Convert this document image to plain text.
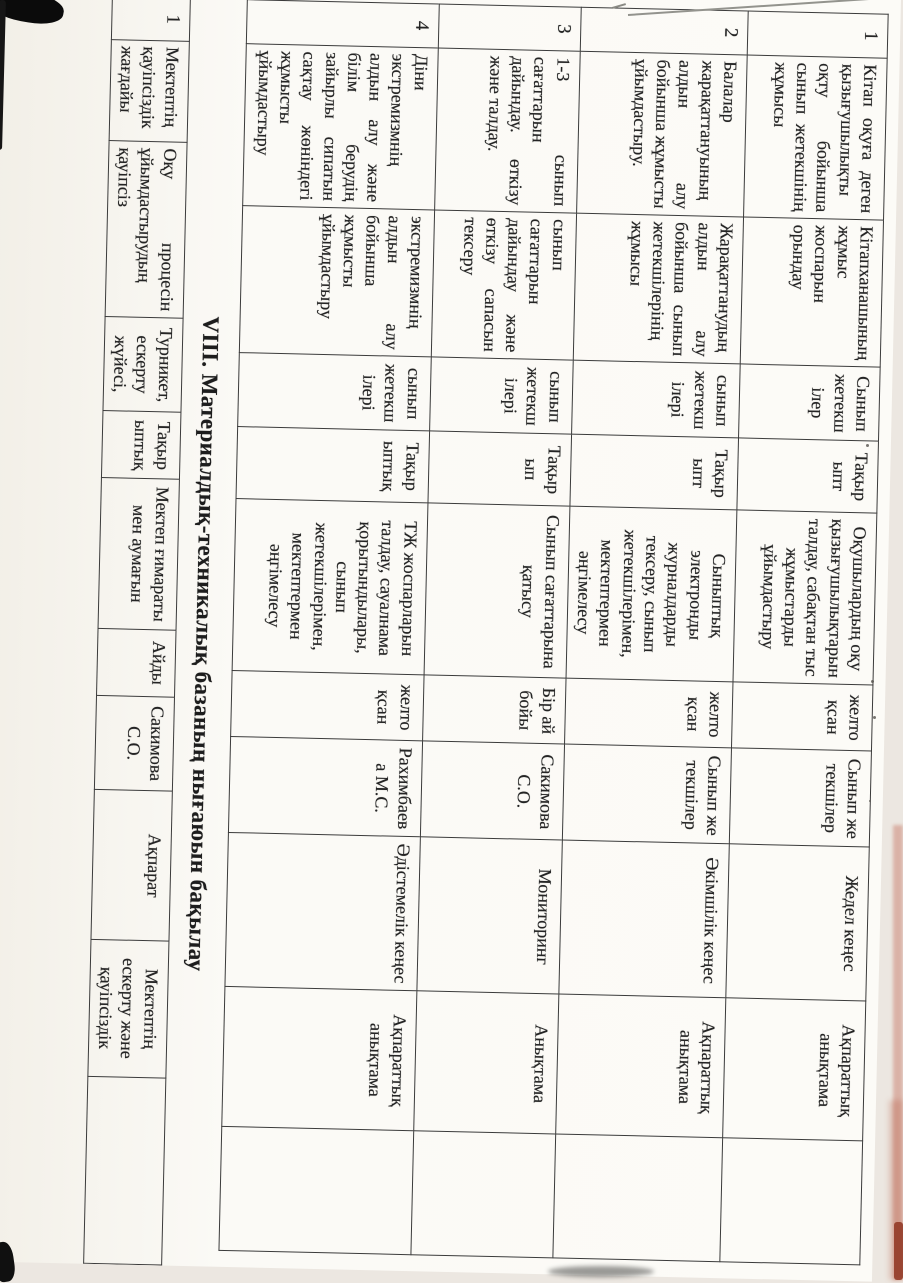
1	Кітап оқуға деген қызығушылықты оқту бойынша сынып жетекшінің жұмысы	Кітапханашының жұмыс жоспарын орындау	Сынып жетекшілер	Тақырыпт	Оқушылардың оқу қызығушылықтарын талдау, сабақтан тыс жұмыстарды ұйымдастыру	желтоқсан	Сынып жетекшілер	Жедел кеңес	Ақпараттық анықтама	
2	Балалар жарақаттануының алдын алу бойынша жұмысты ұйымдастыру.	Жарақаттанудың алдын алу бойынша сынып жетекшілерінің жұмысы	сынып жетекшілері	Тақырыпт	Сыныптық электронды журналдарды тексеру, сынып жетекшілерімен, мектептермен әңгімелесу	желтоқсан	Сынып жетекшілер	Әкімшілік кеңес	Ақпараттық анықтама	
3	1-3 сынып сағаттарын дайындау. өткізу және талдау.	сынып сағаттарын дайындау және өткізу сапасын тексеру	сынып жетекшілері	Тақырып	Сынып сағаттарына қатысу	Бір ай бойы	Сакимова С.О.	Мониторинг	Анықтама	
4	Діни экстремизмнің алдын алу және білім берудің зайырлы сипатын сақтау жөніндегі жұмысты ұйымдастыру	экстремизмнің алдын алу бойынша жұмысты ұйымдастыру	сынып жетекшілері	Тақырыптық	ТЖ жоспарларын талдау, сауалнама қорытындылары, сынып жетекшілерімен, мектептермен әңгімелесу	желтоқсан	Рахимбаева М.С.	Әдістемелік кеңес	Ақпараттық анықтама	
VIII. Материалдық-техникалық базаның нығаюын бақылау
1	Мектептің қауіпсіздік жағдайы	Оқу процесін ұйымдастырудың қауіпсіз	Турникет, ескерту жүйесі,	Тақырыптық	Мектеп ғимараты мен аумағын	Айды	Сакимова С.О.	Ақпарат	Мектептің ескерту және қауіпсіздік	
